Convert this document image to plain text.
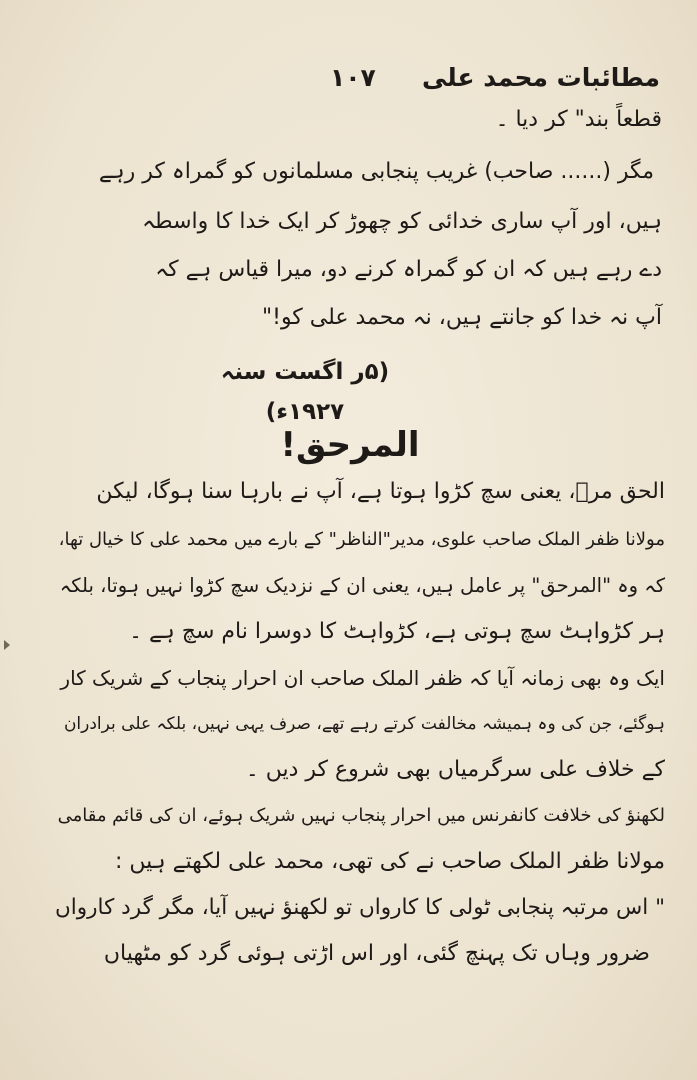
مطائبات محمد علی
۱۰۷
قطعاً بند" کر دیا ۔
مگر (...... صاحب) غریب پنجابی مسلمانوں کو گمراہ کر رہے
ہیں، اور آپ ساری خدائی کو چھوڑ کر ایک خدا کا واسطہ
دے رہے ہیں کہ ان کو گمراہ کرنے دو، میرا قیاس ہے کہ
آپ نہ خدا کو جانتے ہیں، نہ محمد علی کو!"
(۵ر اگست سنہ ۱۹۲۷ء)
المرحق!
الحق مرؐ، یعنی سچ کڑوا ہوتا ہے، آپ نے بارہا سنا ہوگا، لیکن
مولانا ظفر الملک صاحب علوی، مدیر"الناظر" کے بارے میں محمد علی کا خیال تھا،
کہ وہ "المرحق" پر عامل ہیں، یعنی ان کے نزدیک سچ کڑوا نہیں ہوتا، بلکہ
ہر کڑواہٹ سچ ہوتی ہے، کڑواہٹ کا دوسرا نام سچ ہے ۔
ایک وہ بھی زمانہ آیا کہ ظفر الملک صاحب ان احرار پنجاب کے شریک کار
ہوگئے، جن کی وہ ہمیشہ مخالفت کرتے رہے تھے، صرف یہی نہیں، بلکہ علی برادران
کے خلاف علی سرگرمیاں بھی شروع کر دیں ۔
لکھنؤ کی خلافت کانفرنس میں احرار پنجاب نہیں شریک ہوئے، ان کی قائم مقامی
مولانا ظفر الملک صاحب نے کی تھی، محمد علی لکھتے ہیں :
" اس مرتبہ پنجابی ٹولی کا کارواں تو لکھنؤ نہیں آیا، مگر گرد کارواں
ضرور وہاں تک پہنچ گئی، اور اس اڑتی ہوئی گرد کو مٹھیاں
